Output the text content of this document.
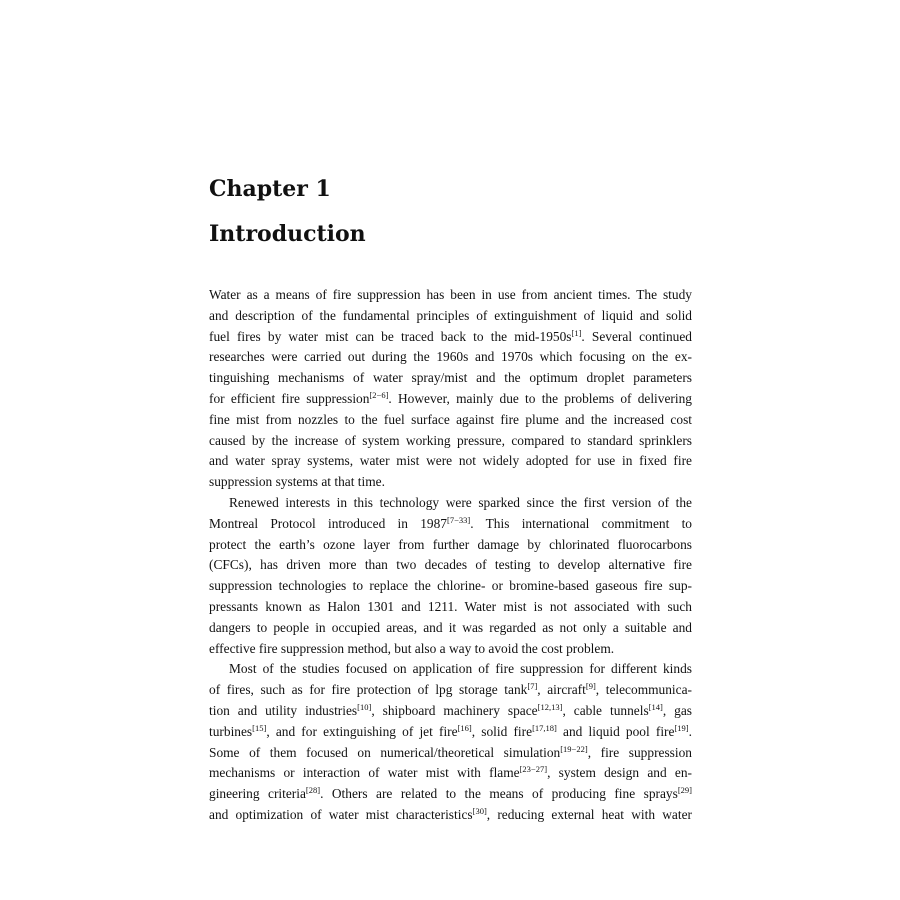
Chapter 1
Introduction
Water as a means of fire suppression has been in use from ancient times. The study
and description of the fundamental principles of extinguishment of liquid and solid
fuel fires by water mist can be traced back to the mid-1950s[1]. Several continued
researches were carried out during the 1960s and 1970s which focusing on the ex-
tinguishing mechanisms of water spray/mist and the optimum droplet parameters
for efficient fire suppression[2−6]. However, mainly due to the problems of delivering
fine mist from nozzles to the fuel surface against fire plume and the increased cost
caused by the increase of system working pressure, compared to standard sprinklers
and water spray systems, water mist were not widely adopted for use in fixed fire
suppression systems at that time.
Renewed interests in this technology were sparked since the first version of the
Montreal Protocol introduced in 1987[7−33]. This international commitment to
protect the earth’s ozone layer from further damage by chlorinated fluorocarbons
(CFCs), has driven more than two decades of testing to develop alternative fire
suppression technologies to replace the chlorine- or bromine-based gaseous fire sup-
pressants known as Halon 1301 and 1211. Water mist is not associated with such
dangers to people in occupied areas, and it was regarded as not only a suitable and
effective fire suppression method, but also a way to avoid the cost problem.
Most of the studies focused on application of fire suppression for different kinds
of fires, such as for fire protection of lpg storage tank[7], aircraft[9], telecommunica-
tion and utility industries[10], shipboard machinery space[12,13], cable tunnels[14], gas
turbines[15], and for extinguishing of jet fire[16], solid fire[17,18] and liquid pool fire[19].
Some of them focused on numerical/theoretical simulation[19−22], fire suppression
mechanisms or interaction of water mist with flame[23−27], system design and en-
gineering criteria[28]. Others are related to the means of producing fine sprays[29]
and optimization of water mist characteristics[30], reducing external heat with water
